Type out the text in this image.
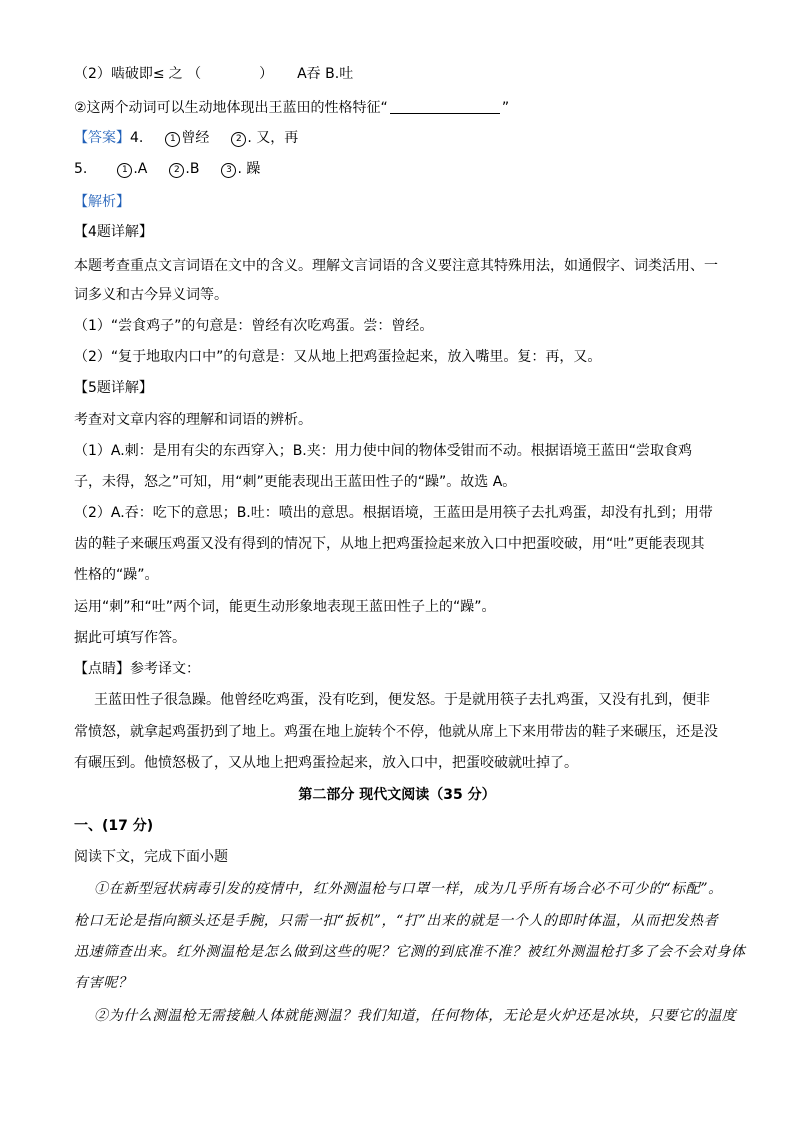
（2）啮破即≤ 之 （	） A吞 B.吐
②这两个动词可以生动地体现出王蓝田的性格特征“	”
【答案】4.	1 曾经	2 . 又，再
5.	1 .A	2 .B	3 . 躁
【解析】
【4题详解】
本题考查重点文言词语在文中的含义。理解文言词语的含义要注意其特殊用法，如通假字、词类活用、一
词多义和古今异义词等。
（1）“尝食鸡子”的句意是：曾经有次吃鸡蛋。尝：曾经。
（2）“复于地取内口中”的句意是：又从地上把鸡蛋捡起来，放入嘴里。复：再，又。
【5题详解】
考查对文章内容的理解和词语的辨析。
（1）A.刺：是用有尖的东西穿入；B.夹：用力使中间的物体受钳而不动。根据语境王蓝田“尝取食鸡
子，未得，怒之”可知，用“刺”更能表现出王蓝田性子的“躁”。故选 A。
（2）A.吞：吃下的意思；B.吐：喷出的意思。根据语境，王蓝田是用筷子去扎鸡蛋，却没有扎到；用带
齿的鞋子来碾压鸡蛋又没有得到的情况下，从地上把鸡蛋捡起来放入口中把蛋咬破，用“吐”更能表现其
性格的“躁”。
运用“刺”和“吐”两个词，能更生动形象地表现王蓝田性子上的“躁”。
据此可填写作答。
【点睛】参考译文：
王蓝田性子很急躁。他曾经吃鸡蛋，没有吃到，便发怒。于是就用筷子去扎鸡蛋，又没有扎到，便非
常愤怒，就拿起鸡蛋扔到了地上。鸡蛋在地上旋转个不停，他就从席上下来用带齿的鞋子来碾压，还是没
有碾压到。他愤怒极了，又从地上把鸡蛋捡起来，放入口中，把蛋咬破就吐掉了。
第二部分 现代文阅读（35 分）
一、(17 分)
阅读下文，完成下面小题
①在新型冠状病毒引发的疫情中，红外测温枪与口罩一样，成为几乎所有场合必不可少的“标配”。
枪口无论是指向额头还是手腕，只需一扣“扳机”，“打”出来的就是一个人的即时体温，从而把发热者
迅速筛查出来。红外测温枪是怎么做到这些的呢？它测的到底准不准？被红外测温枪打多了会不会对身体
有害呢？
②为什么测温枪无需接触人体就能测温？我们知道，任何物体，无论是火炉还是冰块，只要它的温度
